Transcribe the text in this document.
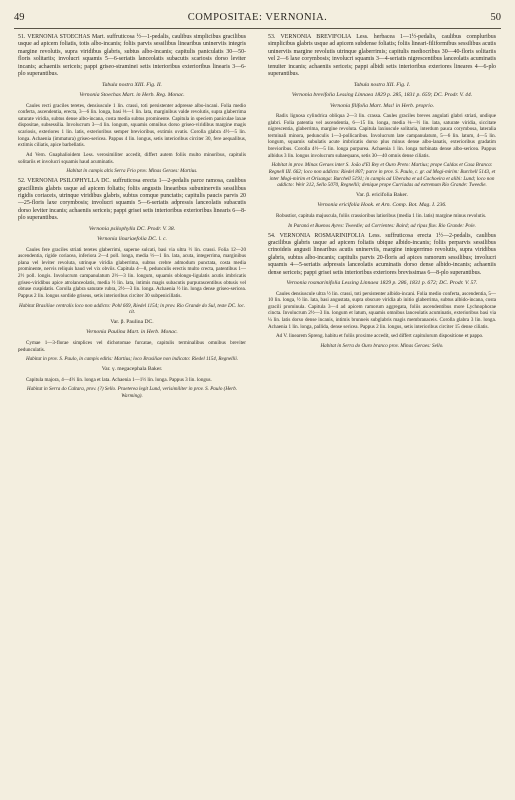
49	COMPOSITAE: VERNONIA.	50

51. VERNONIA STOECHAS Mart. suffruticosa ½—1-pedalis, caulibus simplicibus gracilibus usque ad apicem foliatis, totis albo-incanis; foliis parvis sessilibus linearibus uninerviis integris margine revolutis, supra viridibus glabris, subtus albo-incanis; capitulis paniculatis 30—50-floris solitariis; involucri squamis 5—6-seriatis lanceolatis subacutis scariosis dorso leviter incanis; achaeniis sericeis; pappi griseo-straminei setis interioribus exterioribus linearis 3—6-plo superantibus.

Tabula nostra XIII. Fig. II.

Vernonia Stoechas Mart. in Herb. Reg. Monac.

Caules recti graciles teretes, densiuscule 1 lin. crassi, toti persistenter adpresse albo-incani. Folia medio confertа, ascendentia, erecta, 3—6 lin. longa, basi ⅓—1 lin. lata, marginibus valde revolutis, supra glaberrima saturate viridia, subtus dense albo-incana, costa media subtus prominente. Capitula in speciem paniculae laxae dispositae, subsessilia. Involucrum 3—4 lin. longum, squamis omnibus dorso griseo-viridibus margine magis scariosis, exteriores 1 lin. latis, exterioribus semper brevioribus, extimis ovatis. Corolla glabra 4½—5 lin. longa. Achaenia (immatura) griseo-sericea. Pappus 4 lin. longus, setis interioribus circiter 30, fere aequalibus, extimis ciliatis, apice barbellatis.

Ad Vern. Gnaphalioidem Less. verosimiliter accedit, differt autem foliis multo minoribus, capitulis solitariis et involucri squamis haud acuminatis.

Habitat in campis altis Serra Frio prov. Minas Geraes: Martius.

52. VERNONIA PSILOPHYLLA DC. suffruticosa erecta 1—2-pedalis parce ramosa, caulibus gracillimis glabris usque ad apicem foliatis; foliis angustis linearibus subuninerviis sessilibus rigidis coriaceis, utrinque viridibus glabris, subtus comque punctatis; capitulis paucis parvis 20—25-floris laxe corymbosis; involucri squamis 5—6-seriatis adpressis lanceolatis subacutis dorso leviter incanis; achaeniis sericeis; pappi grisei setis interioribus exterioribus linearis 6—8-plo superantibus.

Vernonia psilophylla DC. Prodr. V. 38.

Vernonia linariaefolia DC. l. c.

Caules fere graciles striati teretes glaberrimi, superne sulcati, basi via ultra ½ lin. crassi. Folia 12—20 ascendentia, rigide coriacea, inferiora 2—4 poll. longa, media ½—1 lin. lata, acuta, integerrima, marginibus plana vel leviter revoluta, utrinque viridia glaberrima, subtus crebre admodum punctata, costa media prominente, nervis reliquis haud vel vix obviis. Capitula 4—8, pedunculis erectis multo crecta, patentibus 1—2½ poll. longis. Involucrum campanulatum 2½—3 lin. longum, squamis oblongo-ligulatis acutis imbricatis griseo-viridibus apice atrolanceolatis, media ½ lin. lata, intimis magis subacutis purpurascentibus obtusis vel obtuse cuspidatis. Corolla glabra saturate rubra, 2½—3 lin. longa. Achaenia ½ lin. longa dense griseo-sericea. Pappus 2 lin. longus sordide griseus, setis interioribus circiter 30 subpenicillatis.

Habitat Brasiliae centralis loco non addicto: Pohl 669, Riedel 1154; in prov. Rio Grande do Sul, teste DC. loc. cit.

Var. β. Paulina DC.

Vernonia Paulina Mart. in Herb. Monac.

Cymae 1—3-florae simplices vel dichotomae furcatae, capitulis terminalibus omnibus breviter pedunculatis.

Habitat in prov. S. Paulo, in campis editis: Martius; loco Brasiliae non indicato: Riedel 1154, Regnellii.

Var. γ. megacephala Baker.

Capitula majora, 4—4½ lin. longa et lata. Achaenia 1—1½ lin. longa. Pappus 3 lin. longus.

Habitat in Serra do Caltara, prov. (?) Sello. Praeterea legit Lund, verisimiliter in prov. S. Paulo (Herb. Warming).

53. VERNONIA BREVIFOLIA Less. herbacea 1—1½-pedalis, caulibus compluribus simplicibus glabris usque ad apicem subdense foliatis; foliis lineari-filiformibus sessilibus acutis uninerviis margine revolutis utrinque glaberrimis; capitulis mediocribus 30—40-floris solitariis vel 2—6 laxe corymbosis; involucri squamis 3—4-seriatis nigrescentibus lanceolatis acuminatis tenuiter incanis; achaeniis sericeis; pappi albidi setis interioribus exteriores lineares 4—6-plo superantibus.

Tabula nostra XII. Fig. I.

Vernonia brevifolia Lessing Linnaea 1829 p. 285, 1831 p. 659; DC. Prodr. V. 44.

Vernonia filifolia Mart. Mss! in Herb. proprio.

Radix lignosa cylindrica obliqua 2—3 lin. crassa. Caules graciles breves angulati glabri striati, undique glabri. Folia patentia vel ascendentia, 6—15 lin. longa, media ⅛—½ lin. lata, saturate viridia, siccitate nigrescentia, glaberrima, margine revoluta. Capitula laxiuscule solitaria, interdum pauca corymbosa, lateralia terminali minora, pedunculis 1—3-pollicaribus. Involucrum late campanulatum, 5—6 lin. latum, 4—5 lin. longum, squamis subulatis acute imbricatis dorso plus minus dense albo-lanatis, exterioribus gradatim brevioribus. Corolla 4½—5 lin. longa purpurea. Achaenia 1 lin. longa turbinata dense albo-sericea. Pappus albidus 3 lin. longus involucrum subaequans, setis 30—40 omnis dense ciliatis.

Habitat in prov. Minas Geraes inter S. João d'El Rey et Ouro Preto: Martius; prope Caldas et Casa Branca: Regnell III. 662; loco non addicto: Riedel 807; parce in prov. S. Paulo, c. gr. ad Mogi-mirim: Burchell 5143, et inter Mogi-mirim et Orisanga: Burchell 5191; in campis ad Uberaba et ad Cachoeira et alibi: Lund; loco non addicto: Weir 312, Sello 5070, Regnellii; denique prope Curriadas ad extremum Rio Grande: Tweedie.

Var. β. ericifolia Baker.

Vernonia ericifolia Hook. et Arn. Comp. Bot. Mag. I. 236.

Robustior, capitula majuscula, foliis crassioribus latioribus (media 1 lin. latis) margine minus revolutis.

In Paraná et Buenos Ayres: Tweedie; ad Corrientes: Baird; ad ripas fluv. Rio Grande: Pole.

54. VERNONIA ROSMARINIFOLIA Less. suffruticosa erecta 1½—2-pedalis, caulibus gracilibus glabris usque ad apicem foliatis ubique albido-incanis; foliis perparvis sessilibus crinoideis angusti linearibus acutis uninerviis, margine integerrimo revolutis, supra viridibus glabris, subtus albo-incanis; capitulis parvis 20-floris ad apices ramorum sessilibus; involucri squamis 4—5-seriatis adpressis lanceolatis acuminatis dorso dense albido-incanis; achaeniis dense sericeis; pappi grisei setis interioribus exteriores brevissimas 6—8-plo superantibus.

Vernonia rosmarinifolia Lessing Linnaea 1829 p. 286, 1831 p. 672; DC. Prodr. V. 57.

Caules densiuscule ultra ½ lin. crassi, toti persistenter albido-incani. Folia medio conferta, ascendentia, 5—10 lin. longa, ½ lin. lata, basi angustata, supra obscure viridia ab initio glaberrima, subtus albido-incana, costa gracili prominula. Capitula 3—4 ad apicem ramorum aggregata, foliis ascendentibus more Lychnophorae cincta. Involucrum 2½—3 lin. longum et latum, squamis omnibus lanceolatis acuminatis, exterioribus basi via ¼ lin. latis dorso dense incanis, intimis brunneis subglabris magis membranaceis. Corolla glabra 3 lin. longa. Achaenia 1 lin. longa, pallida, dense sericea. Pappus 2 lin. longus, setis interioribus circiter 15 dense ciliatis.

Ad V. linearem Spreng. habitu et foliis proxime accedit, sed differt capitulorum dispositione et pappo.

Habitat in Serra do Ouro branco prov. Minas Geraes: Sello.
